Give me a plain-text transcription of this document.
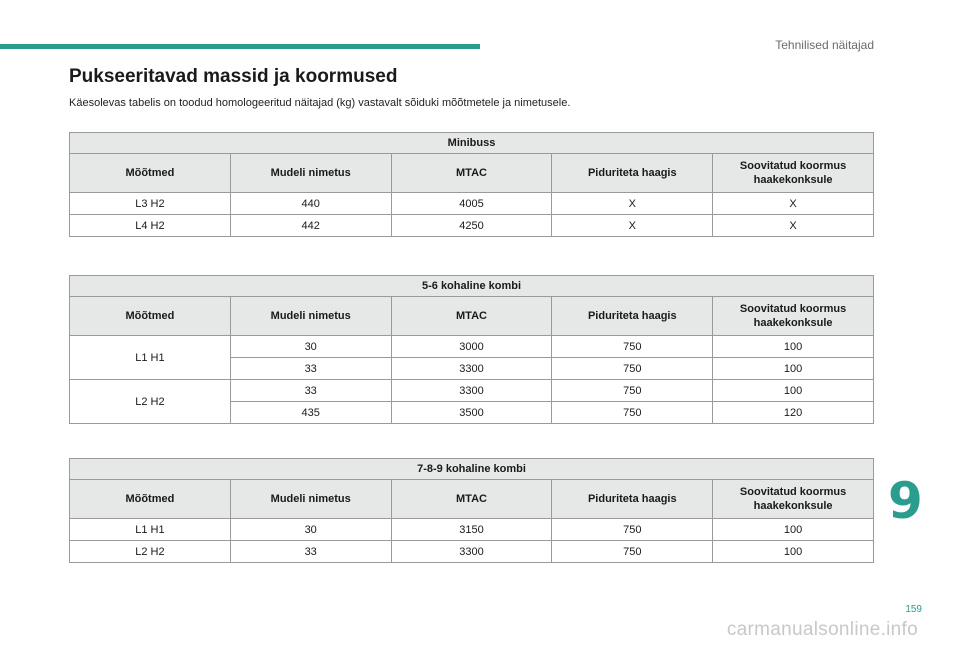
Tehnilised näitajad
Pukseeritavad massid ja koormused

Käesolevas tabelis on toodud homologeeritud näitajad (kg) vastavalt sõiduki mõõtmetele ja nimetusele.

Minibuss				
Mõõtmed	Mudeli nimetus	MTAC	Piduriteta haagis	Soovitatud koormus haakekonksule
L3 H2	440	4005	X	X
L4 H2	442	4250	X	X
5-6 kohaline kombi				
Mõõtmed	Mudeli nimetus	MTAC	Piduriteta haagis	Soovitatud koormus haakekonksule
L1 H1	30	3000	750	100
	33	3300	750	100
L2 H2	33	3300	750	100
	435	3500	750	120
7-8-9 kohaline kombi				
Mõõtmed	Mudeli nimetus	MTAC	Piduriteta haagis	Soovitatud koormus haakekonksule
L1 H1	30	3150	750	100
L2 H2	33	3300	750	100
9
159
carmanualsonline.info
